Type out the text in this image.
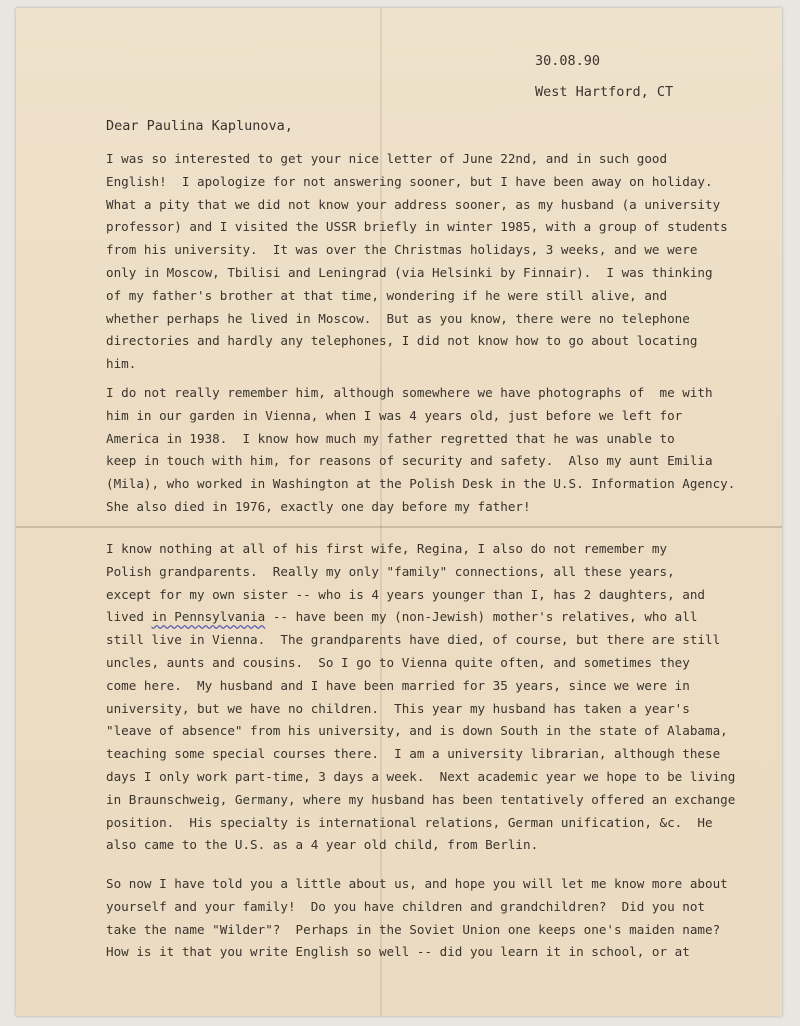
30.08.90
West Hartford, CT
Dear Paulina Kaplunova,
I was so interested to get your nice letter of June 22nd, and in such good
English!  I apologize for not answering sooner, but I have been away on holiday.
What a pity that we did not know your address sooner, as my husband (a university
professor) and I visited the USSR briefly in winter 1985, with a group of students
from his university.  It was over the Christmas holidays, 3 weeks, and we were
only in Moscow, Tbilisi and Leningrad (via Helsinki by Finnair).  I was thinking
of my father's brother at that time, wondering if he were still alive, and
whether perhaps he lived in Moscow.  But as you know, there were no telephone
directories and hardly any telephones, I did not know how to go about locating
him.
I do not really remember him, although somewhere we have photographs of  me with
him in our garden in Vienna, when I was 4 years old, just before we left for
America in 1938.  I know how much my father regretted that he was unable to
keep in touch with him, for reasons of security and safety.  Also my aunt Emilia
(Mila), who worked in Washington at the Polish Desk in the U.S. Information Agency.
She also died in 1976, exactly one day before my father!
I know nothing at all of his first wife, Regina, I also do not remember my
Polish grandparents.  Really my only "family" connections, all these years,
except for my own sister -- who is 4 years younger than I, has 2 daughters, and
lived in Pennsylvania -- have been my (non-Jewish) mother's relatives, who all
still live in Vienna.  The grandparents have died, of course, but there are still
uncles, aunts and cousins.  So I go to Vienna quite often, and sometimes they
come here.  My husband and I have been married for 35 years, since we were in
university, but we have no children.  This year my husband has taken a year's
"leave of absence" from his university, and is down South in the state of Alabama,
teaching some special courses there.  I am a university librarian, although these
days I only work part-time, 3 days a week.  Next academic year we hope to be living
in Braunschweig, Germany, where my husband has been tentatively offered an exchange
position.  His specialty is international relations, German unification, &c.  He
also came to the U.S. as a 4 year old child, from Berlin.
So now I have told you a little about us, and hope you will let me know more about
yourself and your family!  Do you have children and grandchildren?  Did you not
take the name "Wilder"?  Perhaps in the Soviet Union one keeps one's maiden name?
How is it that you write English so well -- did you learn it in school, or at
